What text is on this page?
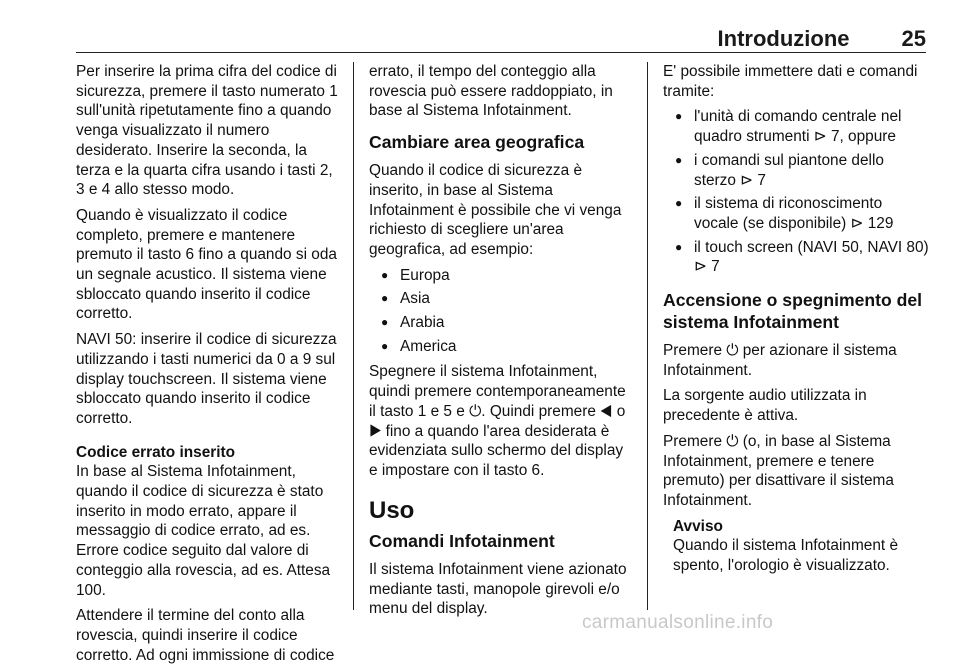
Introduzione 25

Per inserire la prima cifra del codice di sicurezza, premere il tasto numerato 1 sull'unità ripetutamente fino a quando venga visualizzato il numero desiderato. Inserire la seconda, la terza e la quarta cifra usando i tasti 2, 3 e 4 allo stesso modo.

Quando è visualizzato il codice completo, premere e mantenere premuto il tasto 6 fino a quando si oda un segnale acustico. Il sistema viene sbloccato quando inserito il codice corretto.

NAVI 50: inserire il codice di sicurezza utilizzando i tasti numerici da 0 a 9 sul display touchscreen. Il sistema viene sbloccato quando inserito il codice corretto.

Codice errato inserito

In base al Sistema Infotainment, quando il codice di sicurezza è stato inserito in modo errato, appare il messaggio di codice errato, ad es. Errore codice seguito dal valore di conteggio alla rovescia, ad es. Attesa 100.

Attendere il termine del conto alla rovescia, quindi inserire il codice corretto. Ad ogni immissione di codice

errato, il tempo del conteggio alla rovescia può essere raddoppiato, in base al Sistema Infotainment.

Cambiare area geografica

Quando il codice di sicurezza è inserito, in base al Sistema Infotainment è possibile che vi venga richiesto di scegliere un'area geografica, ad esempio:

● Europa
● Asia
● Arabia
● America

Spegnere il sistema Infotainment, quindi premere contemporaneamente il tasto 1 e 5 e ⏻. Quindi premere ◀ o ▶ fino a quando l'area desiderata è evidenziata sullo schermo del display e impostare con il tasto 6.

Uso
Comandi Infotainment

Il sistema Infotainment viene azionato mediante tasti, manopole girevoli e/o menu del display.

E' possibile immettere dati e comandi tramite:

● l'unità di comando centrale nel quadro strumenti ⊳ 7, oppure
● i comandi sul piantone dello sterzo ⊳ 7
● il sistema di riconoscimento vocale (se disponibile) ⊳ 129
● il touch screen (NAVI 50, NAVI 80) ⊳ 7
Accensione o spegnimento del sistema Infotainment

Premere ⏻ per azionare il sistema Infotainment.

La sorgente audio utilizzata in precedente è attiva.

Premere ⏻ (o, in base al Sistema Infotainment, premere e tenere premuto) per disattivare il sistema Infotainment.

Avviso
Quando il sistema Infotainment è spento, l'orologio è visualizzato.
carmanualsonline.info
